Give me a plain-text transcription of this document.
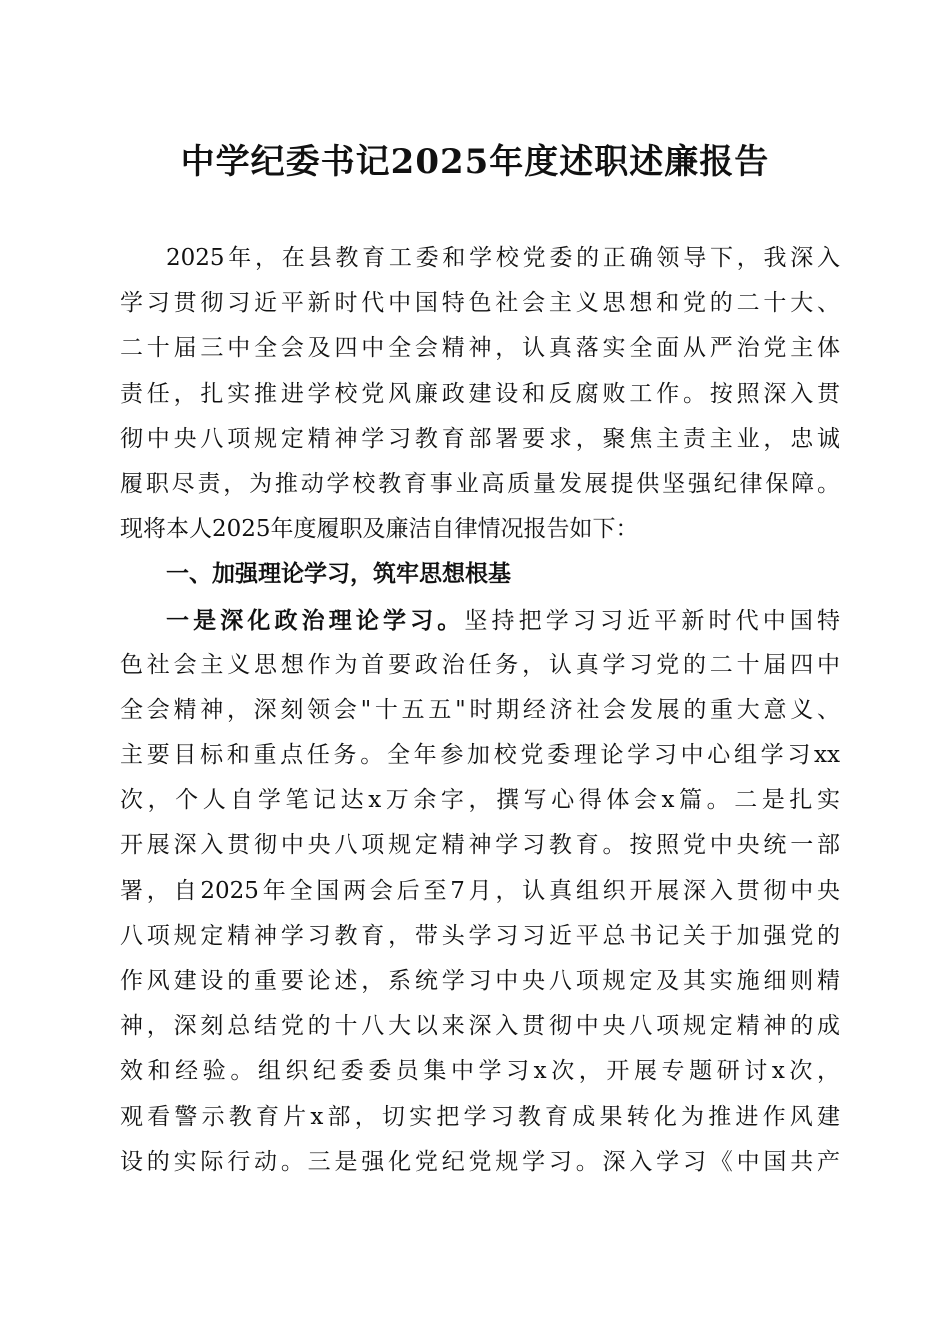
中学纪委书记2025年度述职述廉报告
2025年，在县教育工委和学校党委的正确领导下，我深入
学习贯彻习近平新时代中国特色社会主义思想和党的二十大、
二十届三中全会及四中全会精神，认真落实全面从严治党主体
责任，扎实推进学校党风廉政建设和反腐败工作。按照深入贯
彻中央八项规定精神学习教育部署要求，聚焦主责主业，忠诚
履职尽责，为推动学校教育事业高质量发展提供坚强纪律保障。
现将本人2025年度履职及廉洁自律情况报告如下：
一、加强理论学习，筑牢思想根基
一是深化政治理论学习。坚持把学习习近平新时代中国特
色社会主义思想作为首要政治任务，认真学习党的二十届四中
全会精神，深刻领会"十五五"时期经济社会发展的重大意义、
主要目标和重点任务。全年参加校党委理论学习中心组学习xx
次，个人自学笔记达x万余字，撰写心得体会x篇。二是扎实
开展深入贯彻中央八项规定精神学习教育。按照党中央统一部
署，自2025年全国两会后至7月，认真组织开展深入贯彻中央
八项规定精神学习教育，带头学习习近平总书记关于加强党的
作风建设的重要论述，系统学习中央八项规定及其实施细则精
神，深刻总结党的十八大以来深入贯彻中央八项规定精神的成
效和经验。组织纪委委员集中学习x次，开展专题研讨x次，
观看警示教育片x部，切实把学习教育成果转化为推进作风建
设的实际行动。三是强化党纪党规学习。深入学习《中国共产
